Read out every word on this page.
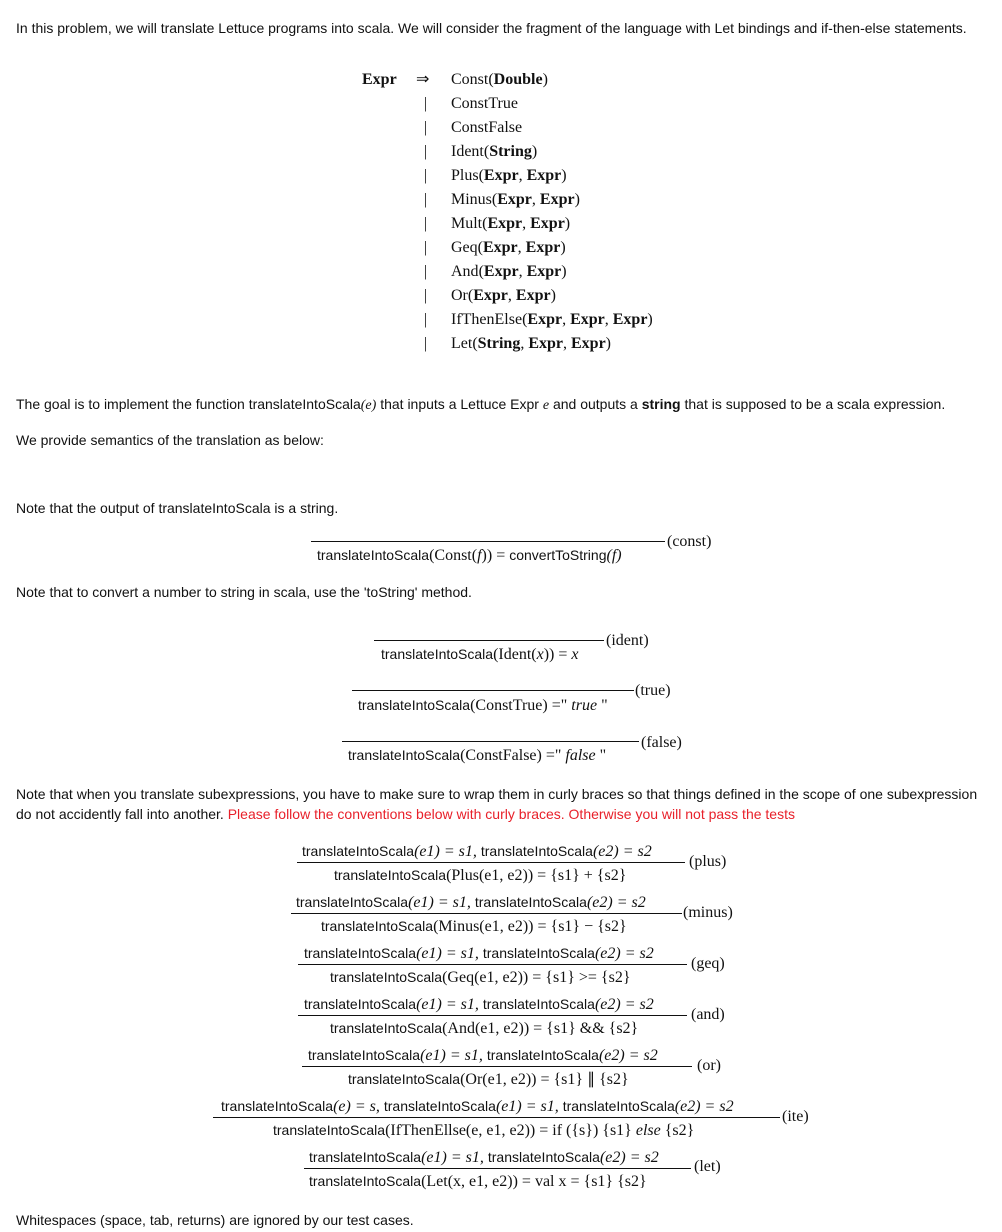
In this problem, we will translate Lettuce programs into scala. We will consider the fragment of the language with Let bindings and if-then-else statements.
Expr ⇒ Const(Double)
| ConstTrue
| ConstFalse
| Ident(String)
| Plus(Expr, Expr)
| Minus(Expr, Expr)
| Mult(Expr, Expr)
| Geq(Expr, Expr)
| And(Expr, Expr)
| Or(Expr, Expr)
| IfThenElse(Expr, Expr, Expr)
| Let(String, Expr, Expr)
The goal is to implement the function translateIntoScala(e) that inputs a Lettuce Expr e and outputs a string that is supposed to be a scala expression.
We provide semantics of the translation as below:
Note that the output of translateIntoScala is a string.
(const)
translateIntoScala(Const(f)) = convertToString(f)
Note that to convert a number to string in scala, use the 'toString' method.
(ident)
translateIntoScala(Ident(x)) = x
(true)
translateIntoScala(ConstTrue) =" true "
(false)
translateIntoScala(ConstFalse) =" false "
Note that when you translate subexpressions, you have to make sure to wrap them in curly braces so that things defined in the scope of one subexpression do not accidently fall into another. Please follow the conventions below with curly braces. Otherwise you will not pass the tests
translateIntoScala(e1) = s1, translateIntoScala(e2) = s2
(plus)
translateIntoScala(Plus(e1, e2)) = {s1} + {s2}
translateIntoScala(e1) = s1, translateIntoScala(e2) = s2
(minus)
translateIntoScala(Minus(e1, e2)) = {s1} − {s2}
translateIntoScala(e1) = s1, translateIntoScala(e2) = s2
(geq)
translateIntoScala(Geq(e1, e2)) = {s1} >= {s2}
translateIntoScala(e1) = s1, translateIntoScala(e2) = s2
(and)
translateIntoScala(And(e1, e2)) = {s1} && {s2}
translateIntoScala(e1) = s1, translateIntoScala(e2) = s2
(or)
translateIntoScala(Or(e1, e2)) = {s1} ∥ {s2}
translateIntoScala(e) = s, translateIntoScala(e1) = s1, translateIntoScala(e2) = s2
(ite)
translateIntoScala(IfThenEllse(e, e1, e2)) = if ({s}) {s1} else {s2}
translateIntoScala(e1) = s1, translateIntoScala(e2) = s2
(let)
translateIntoScala(Let(x, e1, e2)) = val x = {s1} {s2}
Whitespaces (space, tab, returns) are ignored by our test cases.
